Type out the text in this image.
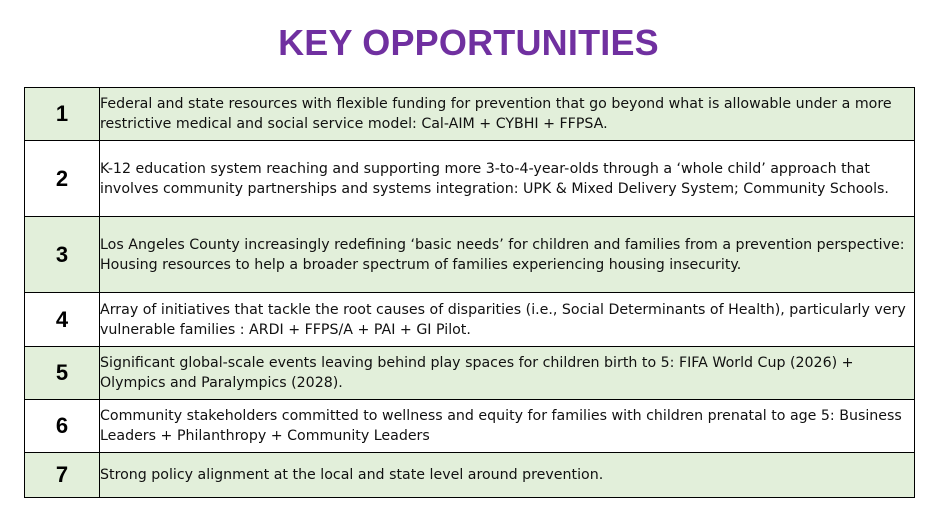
KEY OPPORTUNITIES
1	Federal and state resources with flexible funding for prevention that go beyond what is allowable under a more restrictive medical and social service model: Cal-AIM + CYBHI + FFPSA.
2	K-12 education system reaching and supporting more 3-to-4-year-olds through a ‘whole child’ approach that involves community partnerships and systems integration: UPK & Mixed Delivery System; Community Schools.
3	Los Angeles County increasingly redefining ‘basic needs’ for children and families from a prevention perspective: Housing resources to help a broader spectrum of families experiencing housing insecurity.
4	Array of initiatives that tackle the root causes of disparities (i.e., Social Determinants of Health), particularly very vulnerable families : ARDI + FFPS/A + PAI + GI Pilot.
5	Significant global-scale events leaving behind play spaces for children birth to 5: FIFA World Cup (2026) + Olympics and Paralympics (2028).
6	Community stakeholders committed to wellness and equity for families with children prenatal to age 5: Business Leaders + Philanthropy + Community Leaders
7	Strong policy alignment at the local and state level around prevention.
